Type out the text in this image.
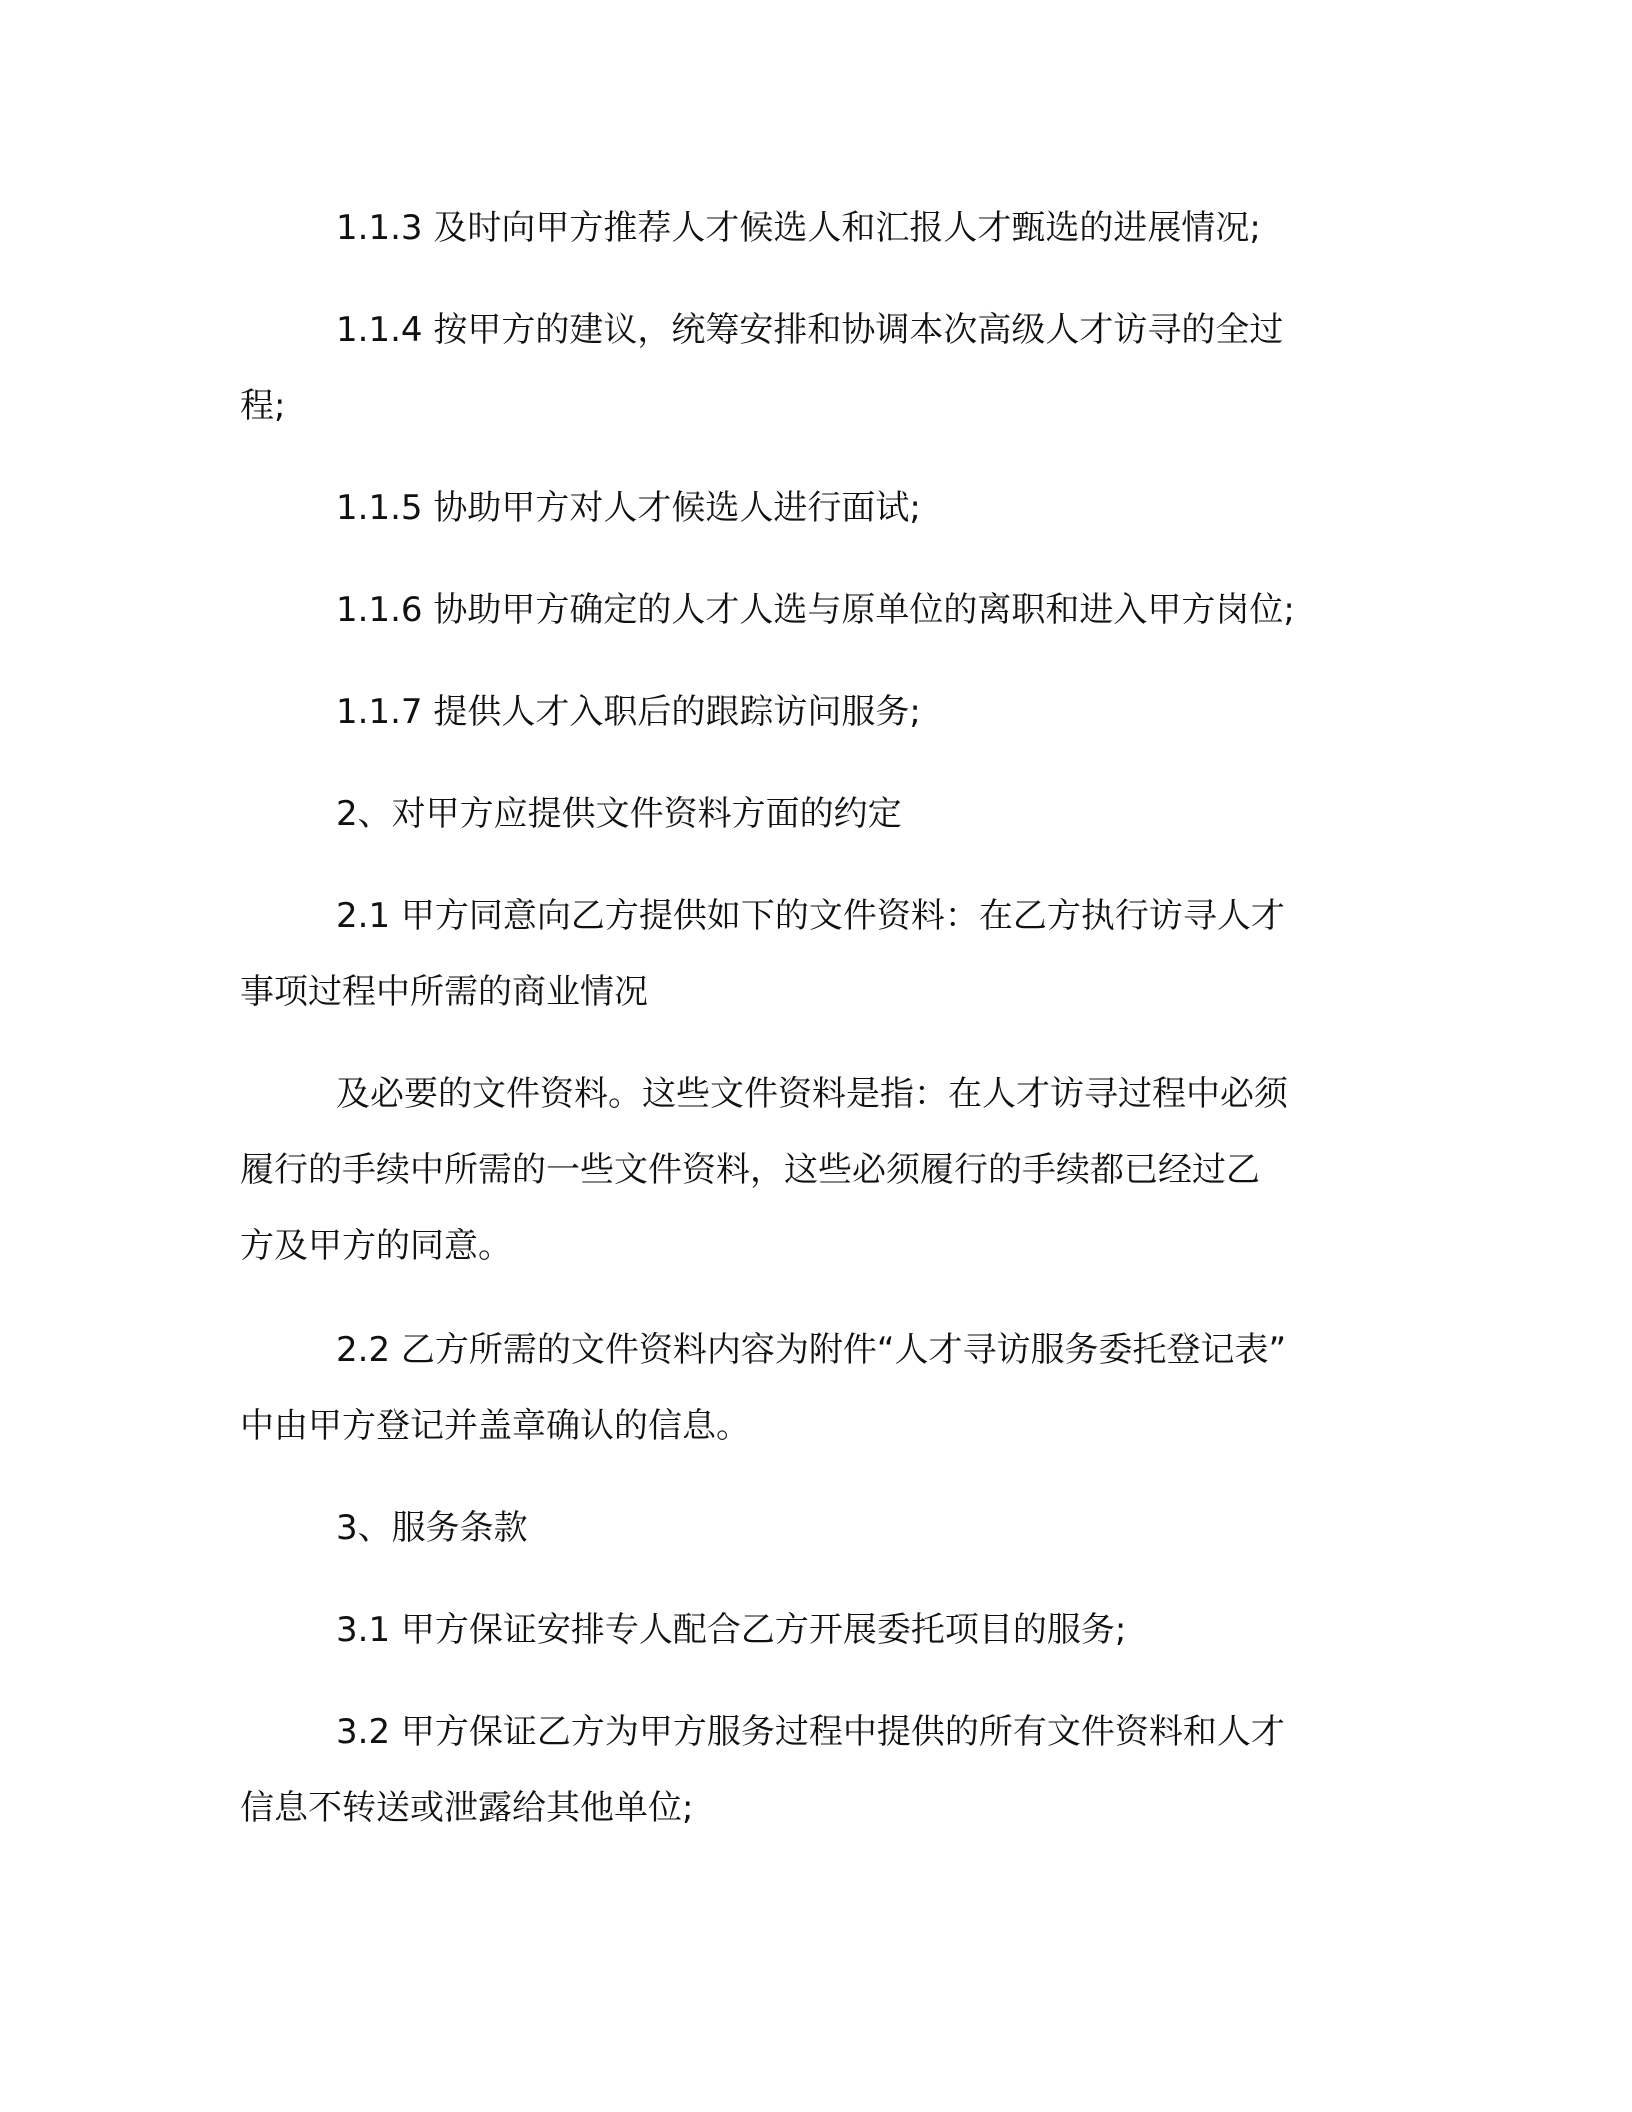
1.1.3 及时向甲方推荐人才候选人和汇报人才甄选的进展情况;

1.1.4 按甲方的建议，统筹安排和协调本次高级人才访寻的全过
程;

1.1.5 协助甲方对人才候选人进行面试;

1.1.6 协助甲方确定的人才人选与原单位的离职和进入甲方岗位;

1.1.7 提供人才入职后的跟踪访问服务;

2、对甲方应提供文件资料方面的约定

2.1 甲方同意向乙方提供如下的文件资料：在乙方执行访寻人才
事项过程中所需的商业情况

及必要的文件资料。这些文件资料是指：在人才访寻过程中必须
履行的手续中所需的一些文件资料，这些必须履行的手续都已经过乙
方及甲方的同意。

2.2 乙方所需的文件资料内容为附件“人才寻访服务委托登记表”
中由甲方登记并盖章确认的信息。

3、服务条款

3.1 甲方保证安排专人配合乙方开展委托项目的服务;

3.2 甲方保证乙方为甲方服务过程中提供的所有文件资料和人才
信息不转送或泄露给其他单位;
